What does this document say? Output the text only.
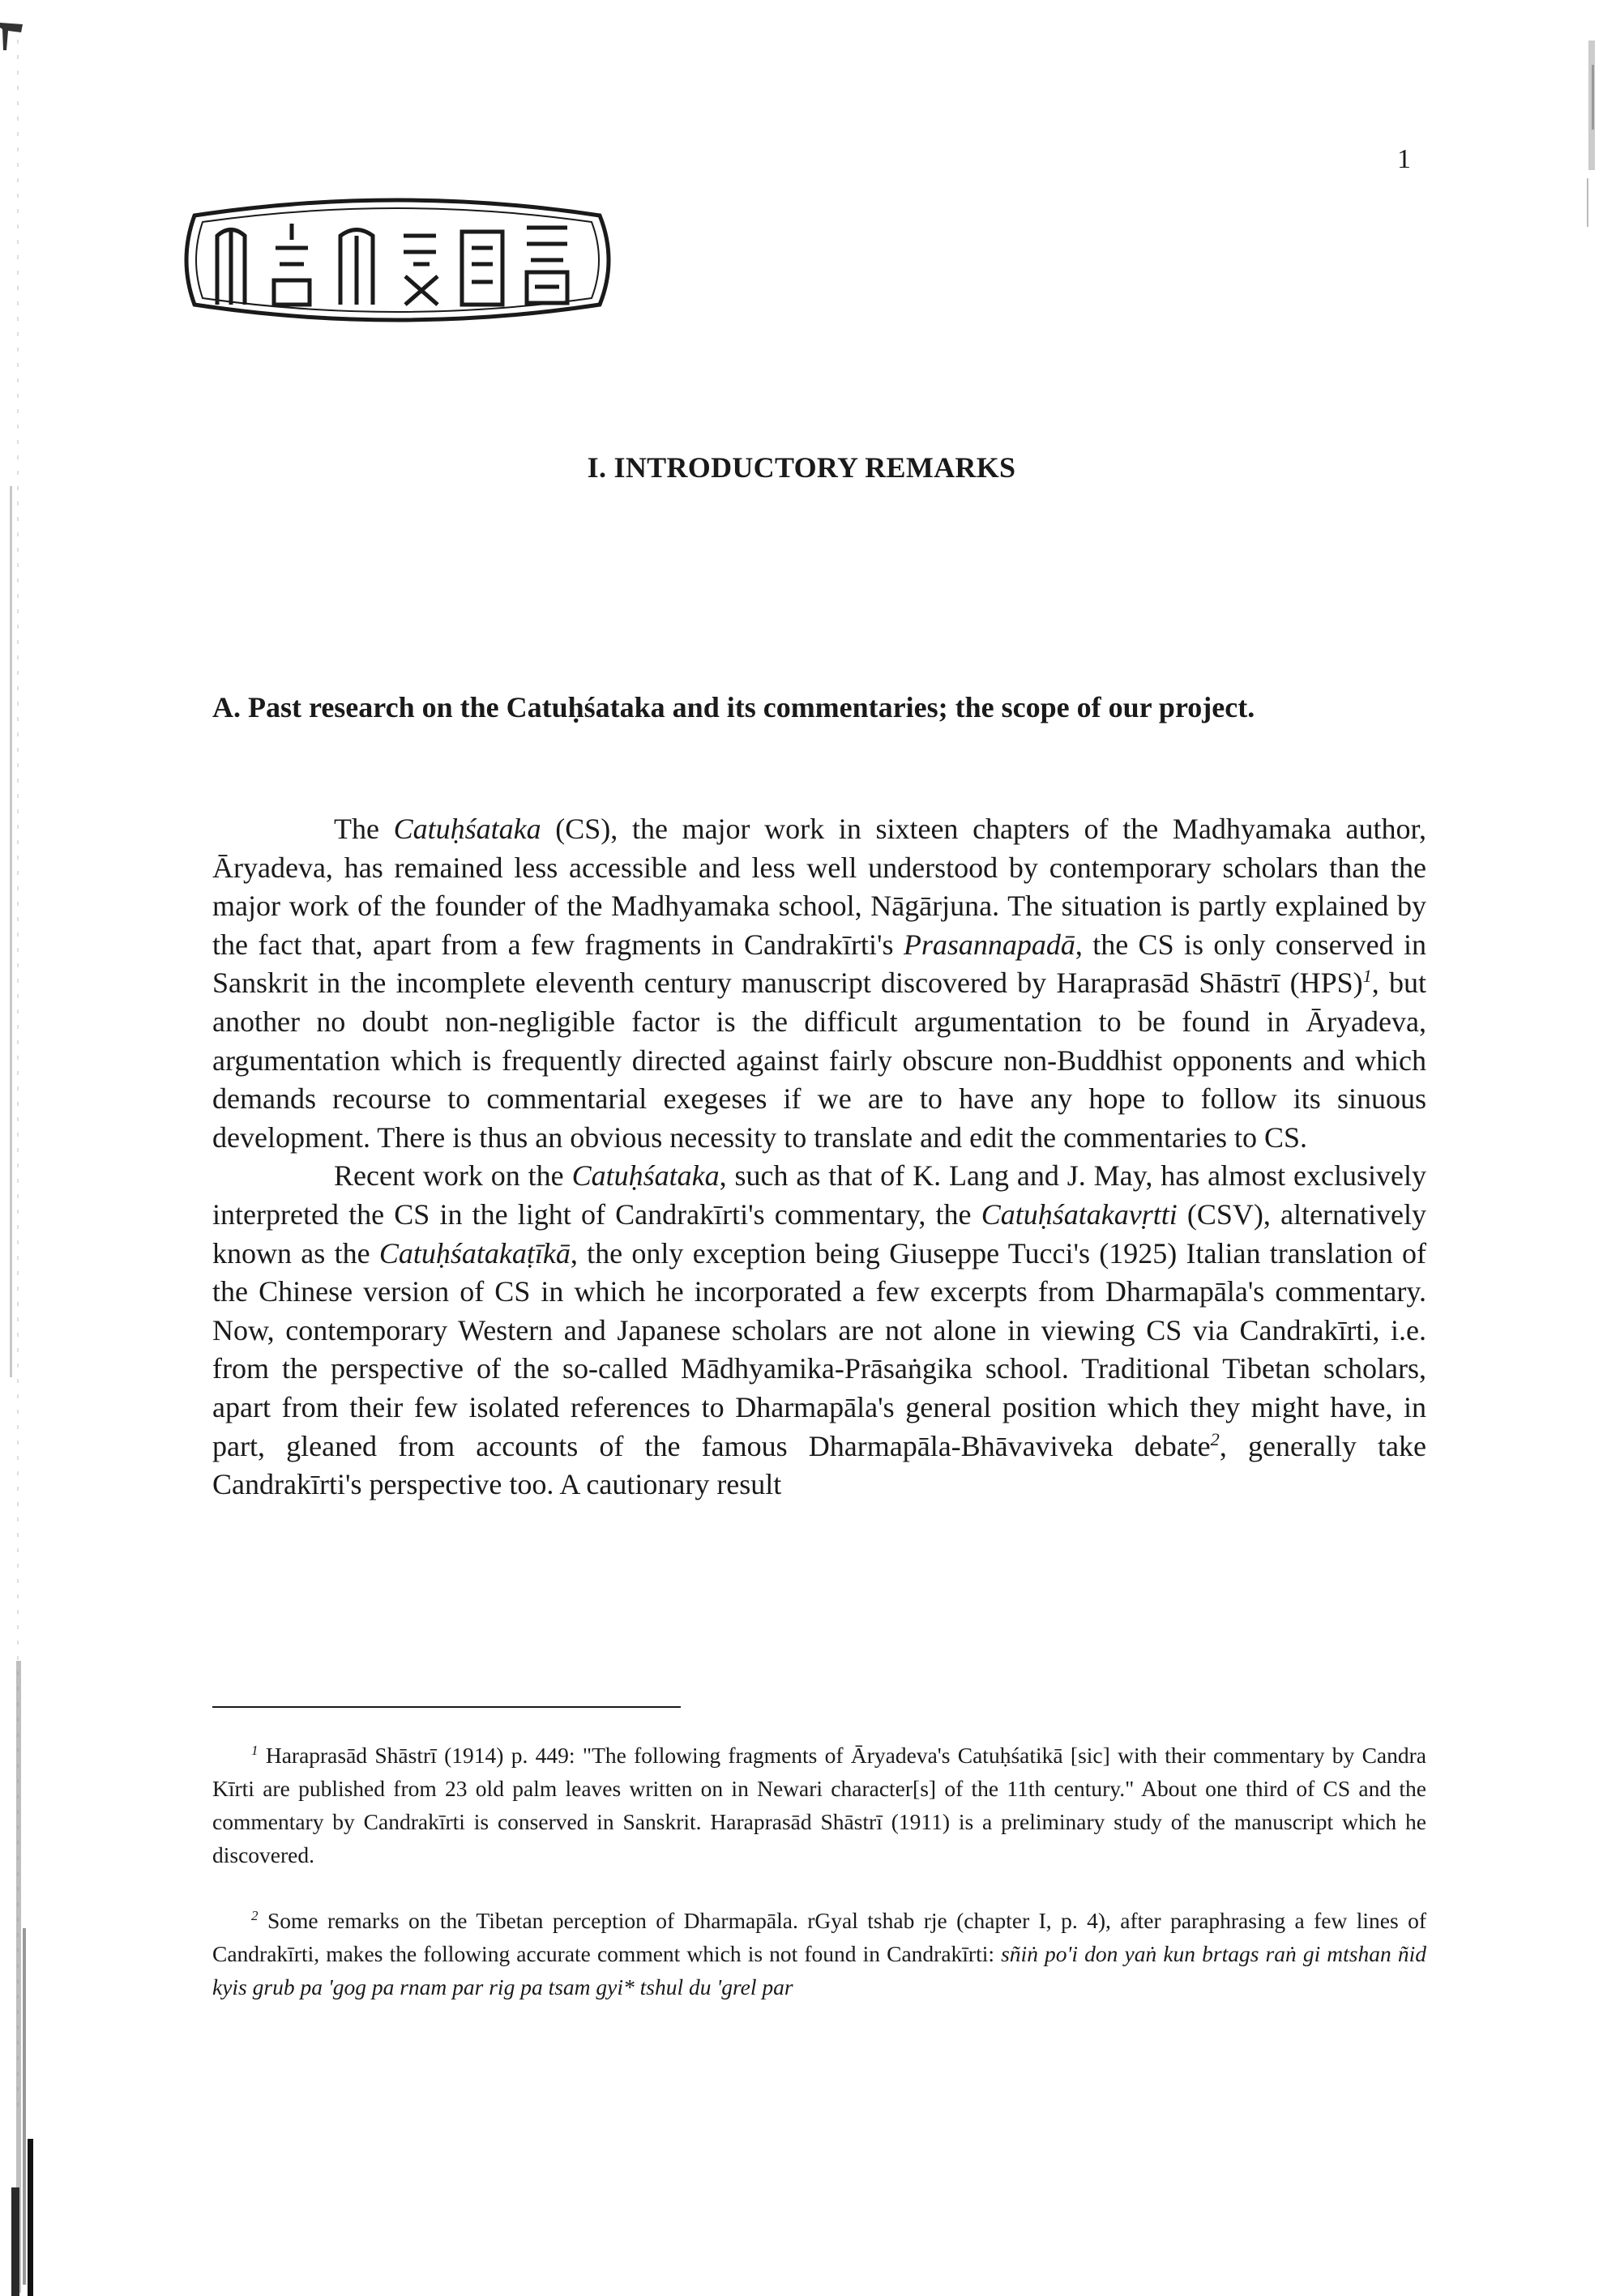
1
I. INTRODUCTORY REMARKS
A. Past research on the Catuḥśataka and its commentaries; the scope of our project.

The Catuḥśataka (CS), the major work in sixteen chapters of the Madhyamaka author, Āryadeva, has remained less accessible and less well understood by contemporary scholars than the major work of the founder of the Madhyamaka school, Nāgārjuna. The situation is partly explained by the fact that, apart from a few fragments in Candrakīrti's Prasannapadā, the CS is only conserved in Sanskrit in the incomplete eleventh century manuscript discovered by Haraprasād Shāstrī (HPS)$^1$, but another no doubt non-negligible factor is the difficult argumentation to be found in Āryadeva, argumentation which is frequently directed against fairly obscure non-Buddhist opponents and which demands recourse to commentarial exegeses if we are to have any hope to follow its sinuous development. There is thus an obvious necessity to translate and edit the commentaries to CS.

Recent work on the Catuḥśataka, such as that of K. Lang and J. May, has almost exclusively interpreted the CS in the light of Candrakīrti's commentary, the Catuḥśatakavṛtti (CSV), alternatively known as the Catuḥśatakaṭīkā, the only exception being Giuseppe Tucci's (1925) Italian translation of the Chinese version of CS in which he incorporated a few excerpts from Dharmapāla's commentary. Now, contemporary Western and Japanese scholars are not alone in viewing CS via Candrakīrti, i.e. from the perspective of the so-called Mādhyamika-Prāsaṅgika school. Traditional Tibetan scholars, apart from their few isolated references to Dharmapāla's general position which they might have, in part, gleaned from accounts of the famous Dharmapāla-Bhāvaviveka debate$^2$, generally take Candrakīrti's perspective too. A cautionary result

$^1$ Haraprasād Shāstrī (1914) p. 449: "The following fragments of Āryadeva's Catuḥśatikā [sic] with their commentary by Candra Kīrti are published from 23 old palm leaves written on in Newari character[s] of the 11th century." About one third of CS and the commentary by Candrakīrti is conserved in Sanskrit. Haraprasād Shāstrī (1911) is a preliminary study of the manuscript which he discovered.

$^2$ Some remarks on the Tibetan perception of Dharmapāla. rGyal tshab rje (chapter I, p. 4), after paraphrasing a few lines of Candrakīrti, makes the following accurate comment which is not found in Candrakīrti: sñiṅ po'i don yaṅ kun brtags raṅ gi mtshan ñid kyis grub pa 'gog pa rnam par rig pa tsam gyi* tshul du 'grel par
